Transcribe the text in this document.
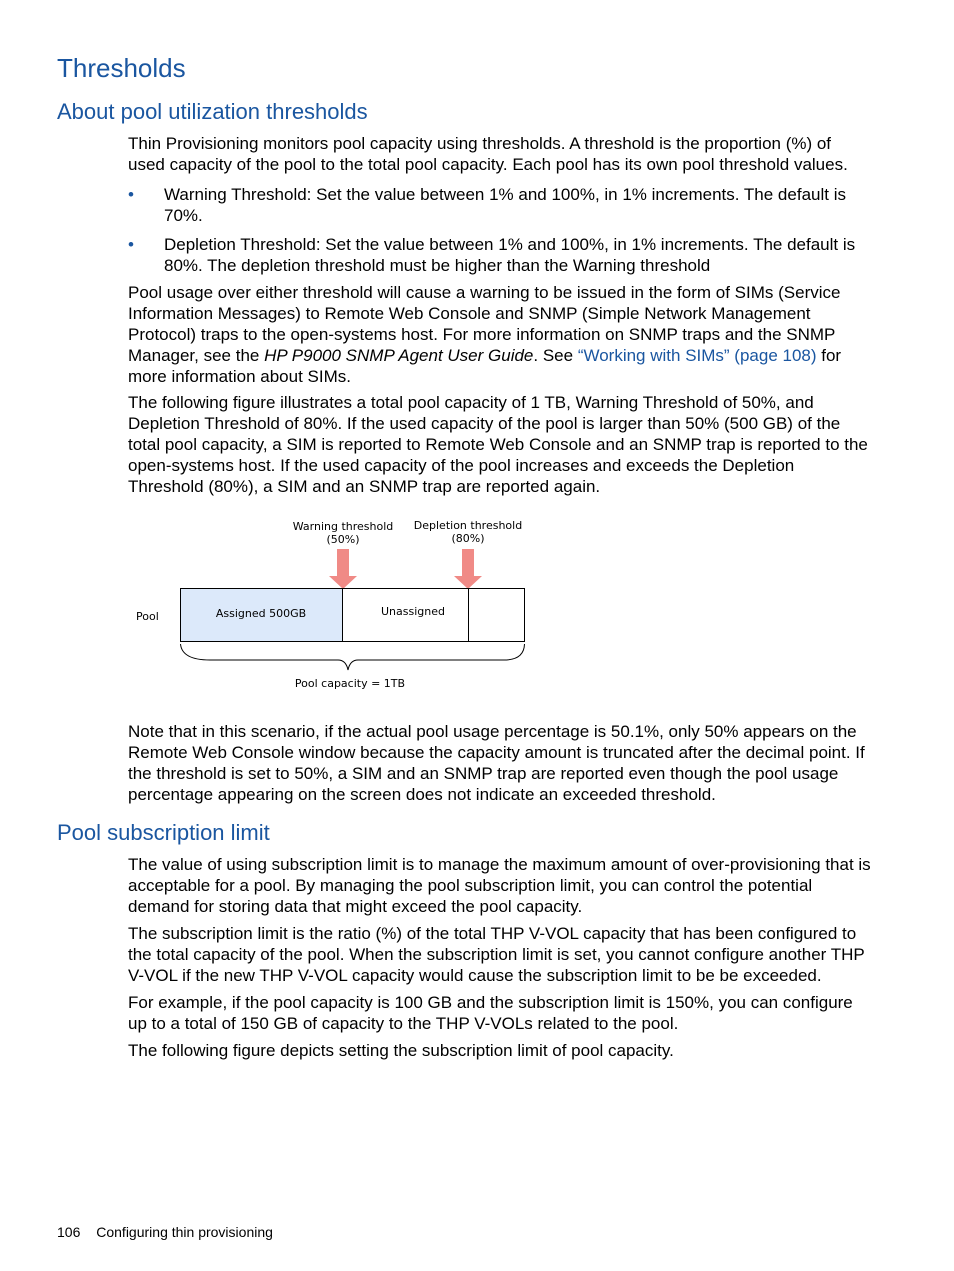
Thresholds
About pool utilization thresholds

Thin Provisioning monitors pool capacity using thresholds. A threshold is the proportion (%) of used capacity of the pool to the total pool capacity. Each pool has its own pool threshold values.

• Warning Threshold: Set the value between 1% and 100%, in 1% increments. The default is 70%.
• Depletion Threshold: Set the value between 1% and 100%, in 1% increments. The default is 80%. The depletion threshold must be higher than the Warning threshold

Pool usage over either threshold will cause a warning to be issued in the form of SIMs (Service Information Messages) to Remote Web Console and SNMP (Simple Network Management Protocol) traps to the open-systems host. For more information on SNMP traps and the SNMP Manager, see the HP P9000 SNMP Agent User Guide. See “Working with SIMs” (page 108) for more information about SIMs.

The following figure illustrates a total pool capacity of 1 TB, Warning Threshold of 50%, and Depletion Threshold of 80%. If the used capacity of the pool is larger than 50% (500 GB) of the total pool capacity, a SIM is reported to Remote Web Console and an SNMP trap is reported to the open-systems host. If the used capacity of the pool increases and exceeds the Depletion Threshold (80%), a SIM and an SNMP trap are reported again.

Warning threshold
(50%)
Depletion threshold
(80%)
Pool	Assigned 500GB	Unassigned
Pool capacity = 1TB

Note that in this scenario, if the actual pool usage percentage is 50.1%, only 50% appears on the Remote Web Console window because the capacity amount is truncated after the decimal point. If the threshold is set to 50%, a SIM and an SNMP trap are reported even though the pool usage percentage appearing on the screen does not indicate an exceeded threshold.

Pool subscription limit

The value of using subscription limit is to manage the maximum amount of over-provisioning that is acceptable for a pool. By managing the pool subscription limit, you can control the potential demand for storing data that might exceed the pool capacity.

The subscription limit is the ratio (%) of the total THP V-VOL capacity that has been configured to the total capacity of the pool. When the subscription limit is set, you cannot configure another THP V-VOL if the new THP V-VOL capacity would cause the subscription limit to be be exceeded.

For example, if the pool capacity is 100 GB and the subscription limit is 150%, you can configure up to a total of 150 GB of capacity to the THP V-VOLs related to the pool.

The following figure depicts setting the subscription limit of pool capacity.

106 Configuring thin provisioning
